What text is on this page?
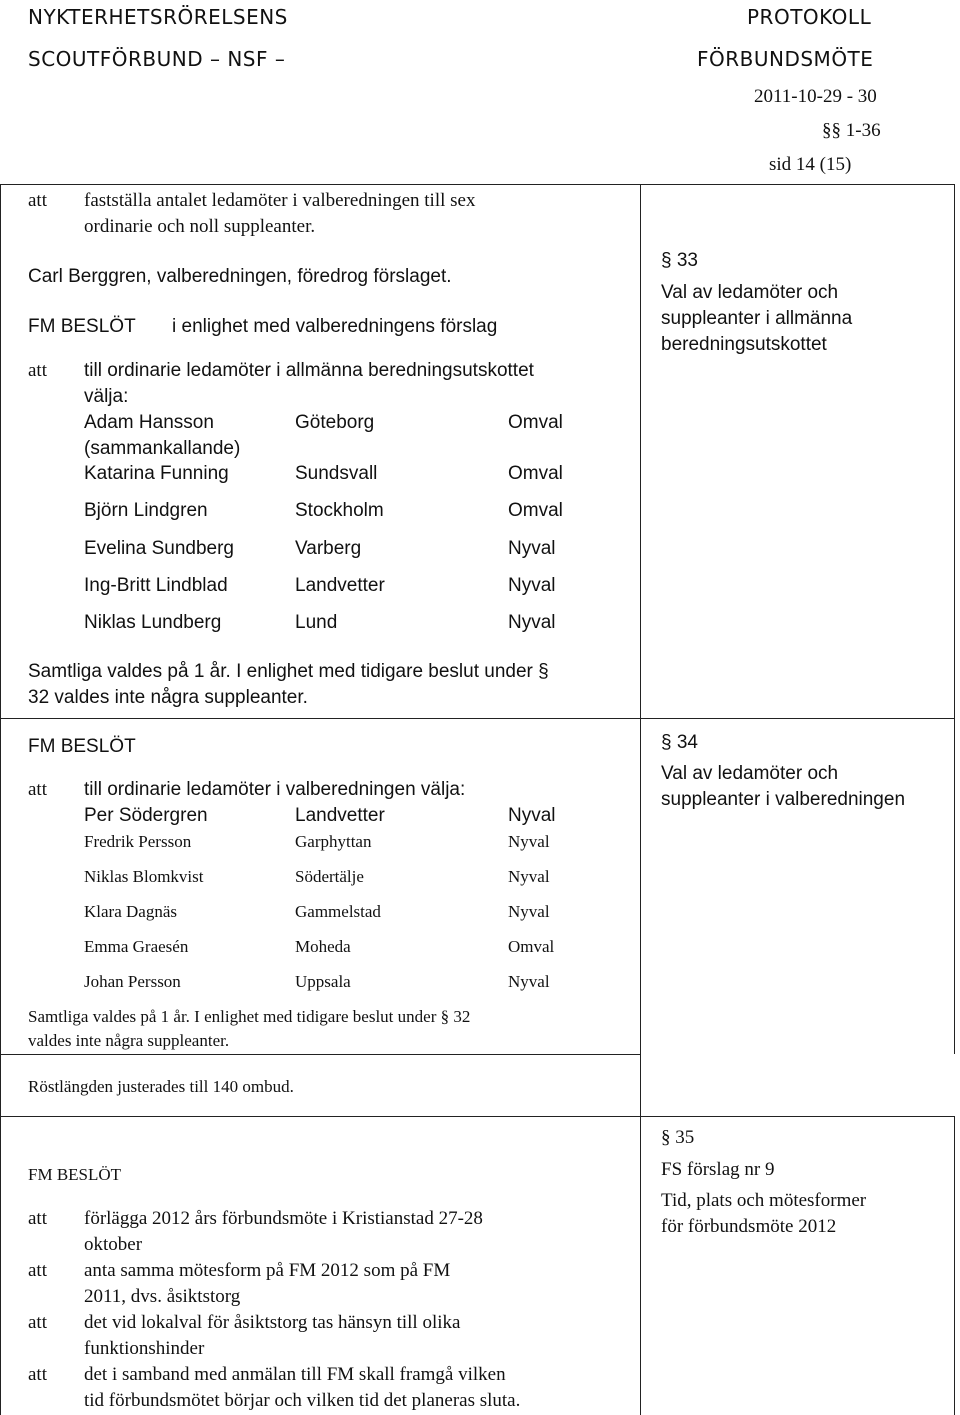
NYKTERHETSRÖRELSENS
SCOUTFÖRBUND – NSF –
PROTOKOLL
FÖRBUNDSMÖTE
2011-10-29 - 30
§§ 1-36
sid 14 (15)
att fastställa antalet ledamöter i valberedningen till sex
ordinarie och noll suppleanter.
Carl Berggren, valberedningen, föredrog förslaget.
FM BESLÖT i enlighet med valberedningens förslag
att till ordinarie ledamöter i allmänna beredningsutskottet
välja:
Adam Hansson	Göteborg	Omval
(sammankallande)
Katarina Funning	Sundsvall	Omval
Björn Lindgren	Stockholm	Omval
Evelina Sundberg	Varberg	Nyval
Ing-Britt Lindblad	Landvetter	Nyval
Niklas Lundberg	Lund	Nyval
Samtliga valdes på 1 år. I enlighet med tidigare beslut under §
32 valdes inte några suppleanter.
§ 33
Val av ledamöter och
suppleanter i allmänna
beredningsutskottet
FM BESLÖT
att till ordinarie ledamöter i valberedningen välja:
Per Södergren	Landvetter	Nyval
Fredrik Persson	Garphyttan	Nyval
Niklas Blomkvist	Södertälje	Nyval
Klara Dagnäs	Gammelstad	Nyval
Emma Graesén	Moheda	Omval
Johan Persson	Uppsala	Nyval
Samtliga valdes på 1 år. I enlighet med tidigare beslut under § 32
valdes inte några suppleanter.
§ 34
Val av ledamöter och
suppleanter i valberedningen
Röstlängden justerades till 140 ombud.
FM BESLÖT
att förlägga 2012 års förbundsmöte i Kristianstad 27-28
oktober
att anta samma mötesform på FM 2012 som på FM
2011, dvs. åsiktstorg
att det vid lokalval för åsiktstorg tas hänsyn till olika
funktionshinder
att det i samband med anmälan till FM skall framgå vilken
tid förbundsmötet börjar och vilken tid det planeras sluta.
§ 35
FS förslag nr 9
Tid, plats och mötesformer
för förbundsmöte 2012
